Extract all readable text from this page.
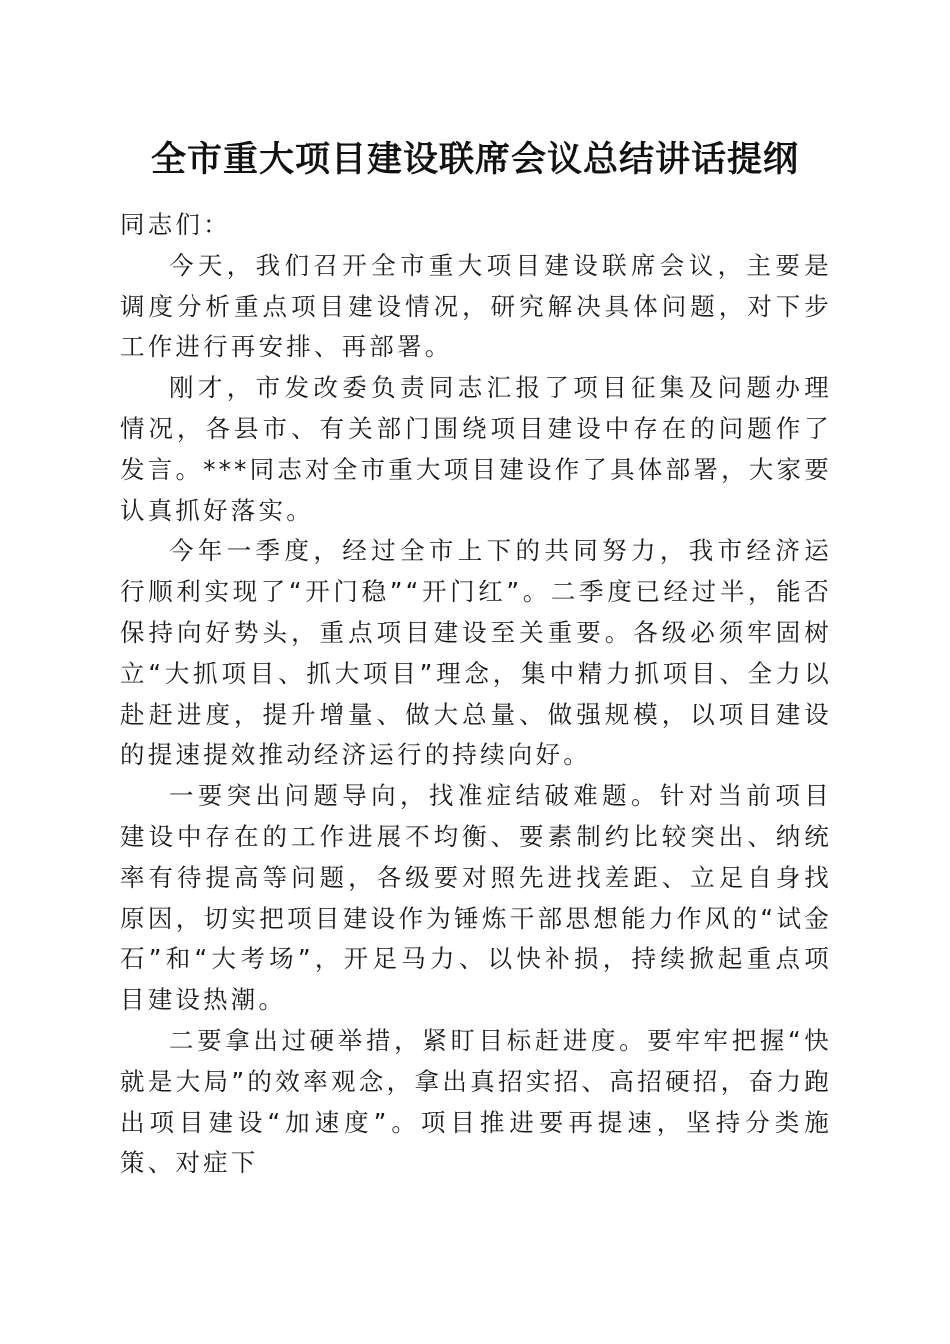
全市重大项目建设联席会议总结讲话提纲

同志们：

今天，我们召开全市重大项目建设联席会议，主要是调度分析重点项目建设情况，研究解决具体问题，对下步工作进行再安排、再部署。

刚才，市发改委负责同志汇报了项目征集及问题办理情况，各县市、有关部门围绕项目建设中存在的问题作了发言。***同志对全市重大项目建设作了具体部署，大家要认真抓好落实。

今年一季度，经过全市上下的共同努力，我市经济运行顺利实现了“开门稳”“开门红”。二季度已经过半，能否保持向好势头，重点项目建设至关重要。各级必须牢固树立“大抓项目、抓大项目”理念，集中精力抓项目、全力以赴赶进度，提升增量、做大总量、做强规模，以项目建设的提速提效推动经济运行的持续向好。

一要突出问题导向，找准症结破难题。针对当前项目建设中存在的工作进展不均衡、要素制约比较突出、纳统率有待提高等问题，各级要对照先进找差距、立足自身找原因，切实把项目建设作为锤炼干部思想能力作风的“试金石”和“大考场”，开足马力、以快补损，持续掀起重点项目建设热潮。

二要拿出过硬举措，紧盯目标赶进度。要牢牢把握“快就是大局”的效率观念，拿出真招实招、高招硬招，奋力跑出项目建设“加速度”。项目推进要再提速，坚持分类施策、对症下
